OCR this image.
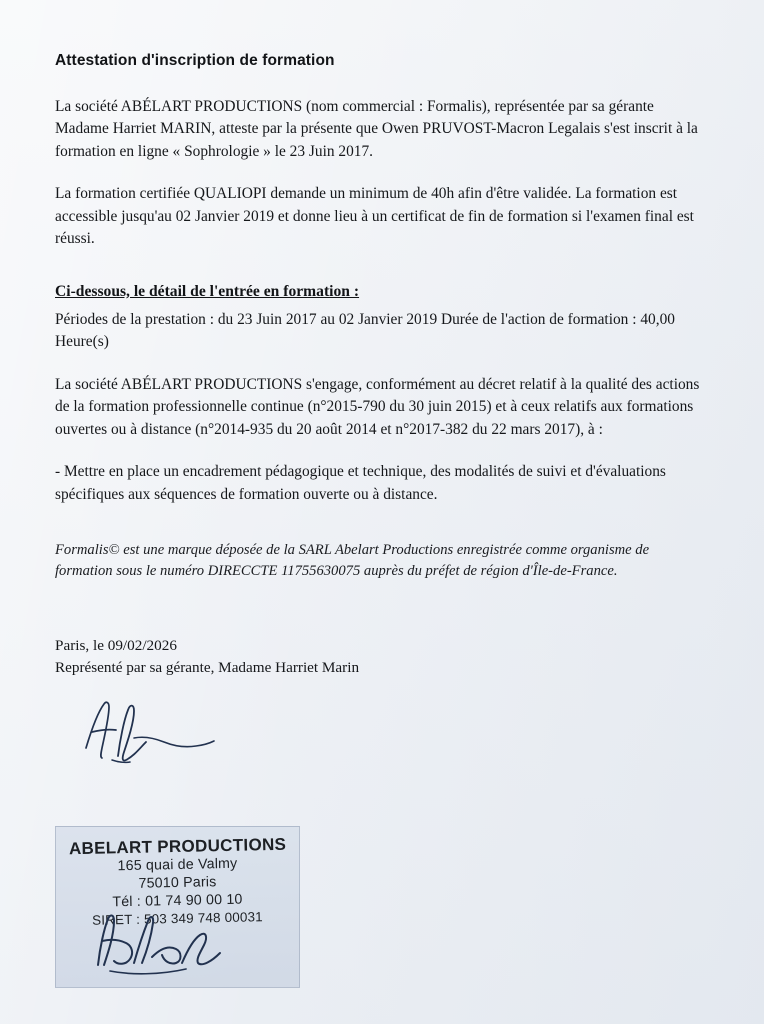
Attestation d'inscription de formation

La société ABÉLART PRODUCTIONS (nom commercial : Formalis), représentée par sa gérante Madame Harriet MARIN, atteste par la présente que Owen PRUVOST-Macron Legalais s'est inscrit à la formation en ligne « Sophrologie » le 23 Juin 2017.

La formation certifiée QUALIOPI demande un minimum de 40h afin d'être validée. La formation est accessible jusqu'au 02 Janvier 2019 et donne lieu à un certificat de fin de formation si l'examen final est réussi.

Ci-dessous, le détail de l'entrée en formation :

Périodes de la prestation : du 23 Juin 2017 au 02 Janvier 2019 Durée de l'action de formation : 40,00 Heure(s)

La société ABÉLART PRODUCTIONS s'engage, conformément au décret relatif à la qualité des actions de la formation professionnelle continue (n°2015-790 du 30 juin 2015) et à ceux relatifs aux formations ouvertes ou à distance (n°2014-935 du 20 août 2014 et n°2017-382 du 22 mars 2017), à :

- Mettre en place un encadrement pédagogique et technique, des modalités de suivi et d'évaluations spécifiques aux séquences de formation ouverte ou à distance.

Formalis© est une marque déposée de la SARL Abelart Productions enregistrée comme organisme de formation sous le numéro DIRECCTE 11755630075 auprès du préfet de région d'Île-de-France.

Paris, le 09/02/2026
Représenté par sa gérante, Madame Harriet Marin
ABELART PRODUCTIONS
165 quai de Valmy
75010 Paris
Tél : 01 74 90 00 10
SIRET : 503 349 748 00031
